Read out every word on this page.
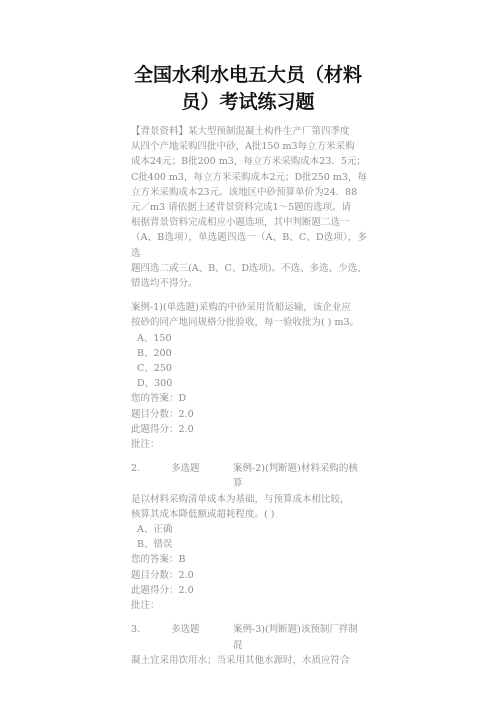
全国水利水电五大员（材料
员）考试练习题

【背景资料】某大型预制混凝土构件生产厂第四季度

从四个产地采购四批中砂，A批150 m3每立方米采购

成本24元；B批200 m3，每立方米采购成本23．5元；

C批400 m3，每立方米采购成本2元；D批250 m3，每

立方米采购成本23元。该地区中砂预算单价为24．88

元／m3 请依据上述背景资料完成1～5题的选项。请

根据背景资料完成相应小题选项，其中判断题二选一

（A、B选项），单选题四选一（A、B、C、D选项），多选

题四选二或三(A、B、C、D选项)。不选、多选、少选、

错选均不得分。

案例-1)(单选题)采购的中砂采用货船运输，该企业应

按砂的同产地同规格分批验收，每一验收批为( ) m3。

A、150

B、200

C、250

D、300

您的答案：D

题目分数：2.0

此题得分：2.0

批注：

2.	多选题	案例-2)(判断题)材料采购的核算

是以材料采购清单成本为基础，与预算成本相比较，

核算其成本降低额或超耗程度。( )

A、正确

B、错误

您的答案：B

题目分数：2.0

此题得分：2.0

批注：

3.	多选题	案例-3)(判断题)该预制厂拌制混

凝土宜采用饮用水；当采用其他水源时，水质应符合
